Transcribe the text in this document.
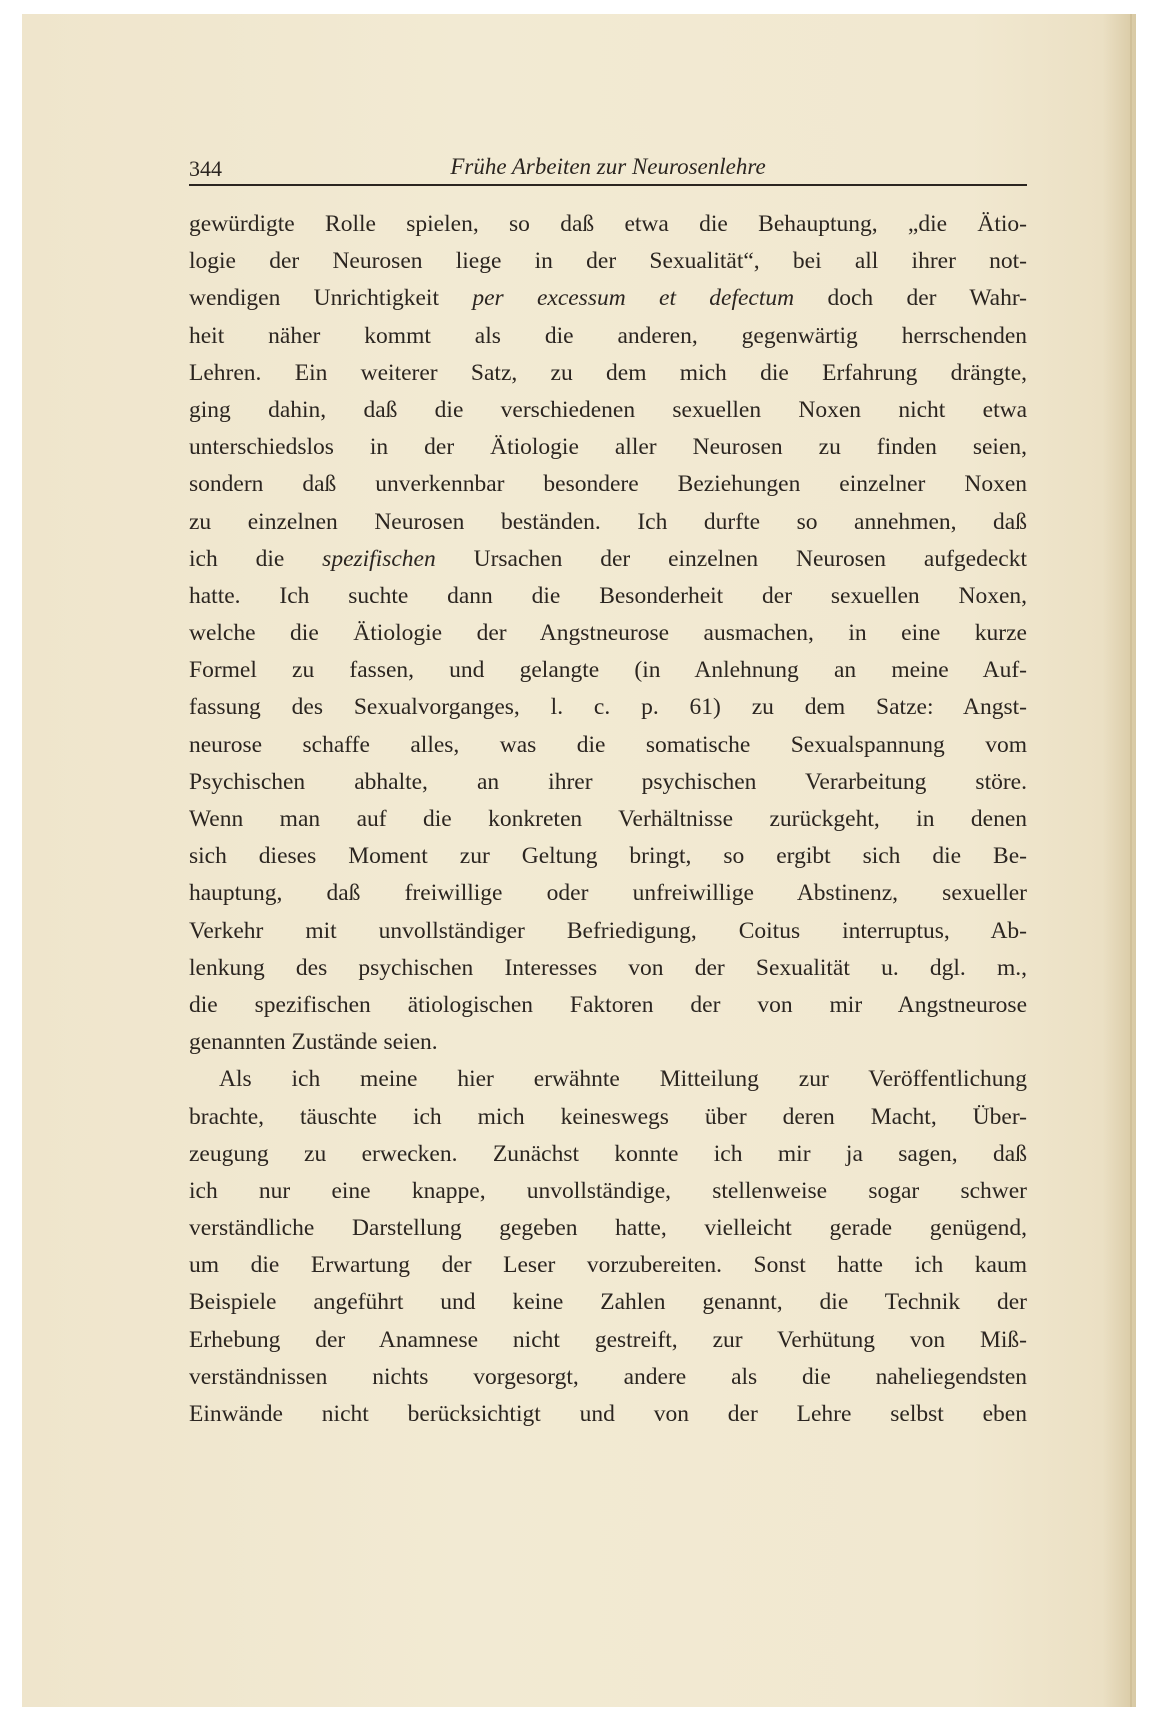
344	Frühe Arbeiten zur Neurosenlehre
gewürdigte Rolle spielen, so daß etwa die Behauptung, „die Ätio-
logie der Neurosen liege in der Sexualität“, bei all ihrer not-
wendigen Unrichtigkeit per excessum et defectum doch der Wahr-
heit näher kommt als die anderen, gegenwärtig herrschenden
Lehren. Ein weiterer Satz, zu dem mich die Erfahrung drängte,
ging dahin, daß die verschiedenen sexuellen Noxen nicht etwa
unterschiedslos in der Ätiologie aller Neurosen zu finden seien,
sondern daß unverkennbar besondere Beziehungen einzelner Noxen
zu einzelnen Neurosen beständen. Ich durfte so annehmen, daß
ich die spezifischen Ursachen der einzelnen Neurosen aufgedeckt
hatte. Ich suchte dann die Besonderheit der sexuellen Noxen,
welche die Ätiologie der Angstneurose ausmachen, in eine kurze
Formel zu fassen, und gelangte (in Anlehnung an meine Auf-
fassung des Sexualvorganges, l. c. p. 61) zu dem Satze: Angst-
neurose schaffe alles, was die somatische Sexualspannung vom
Psychischen abhalte, an ihrer psychischen Verarbeitung störe.
Wenn man auf die konkreten Verhältnisse zurückgeht, in denen
sich dieses Moment zur Geltung bringt, so ergibt sich die Be-
hauptung, daß freiwillige oder unfreiwillige Abstinenz, sexueller
Verkehr mit unvollständiger Befriedigung, Coitus interruptus, Ab-
lenkung des psychischen Interesses von der Sexualität u. dgl. m.,
die spezifischen ätiologischen Faktoren der von mir Angstneurose
genannten Zustände seien.
Als ich meine hier erwähnte Mitteilung zur Veröffentlichung
brachte, täuschte ich mich keineswegs über deren Macht, Über-
zeugung zu erwecken. Zunächst konnte ich mir ja sagen, daß
ich nur eine knappe, unvollständige, stellenweise sogar schwer
verständliche Darstellung gegeben hatte, vielleicht gerade genügend,
um die Erwartung der Leser vorzubereiten. Sonst hatte ich kaum
Beispiele angeführt und keine Zahlen genannt, die Technik der
Erhebung der Anamnese nicht gestreift, zur Verhütung von Miß-
verständnissen nichts vorgesorgt, andere als die naheliegendsten
Einwände nicht berücksichtigt und von der Lehre selbst eben
